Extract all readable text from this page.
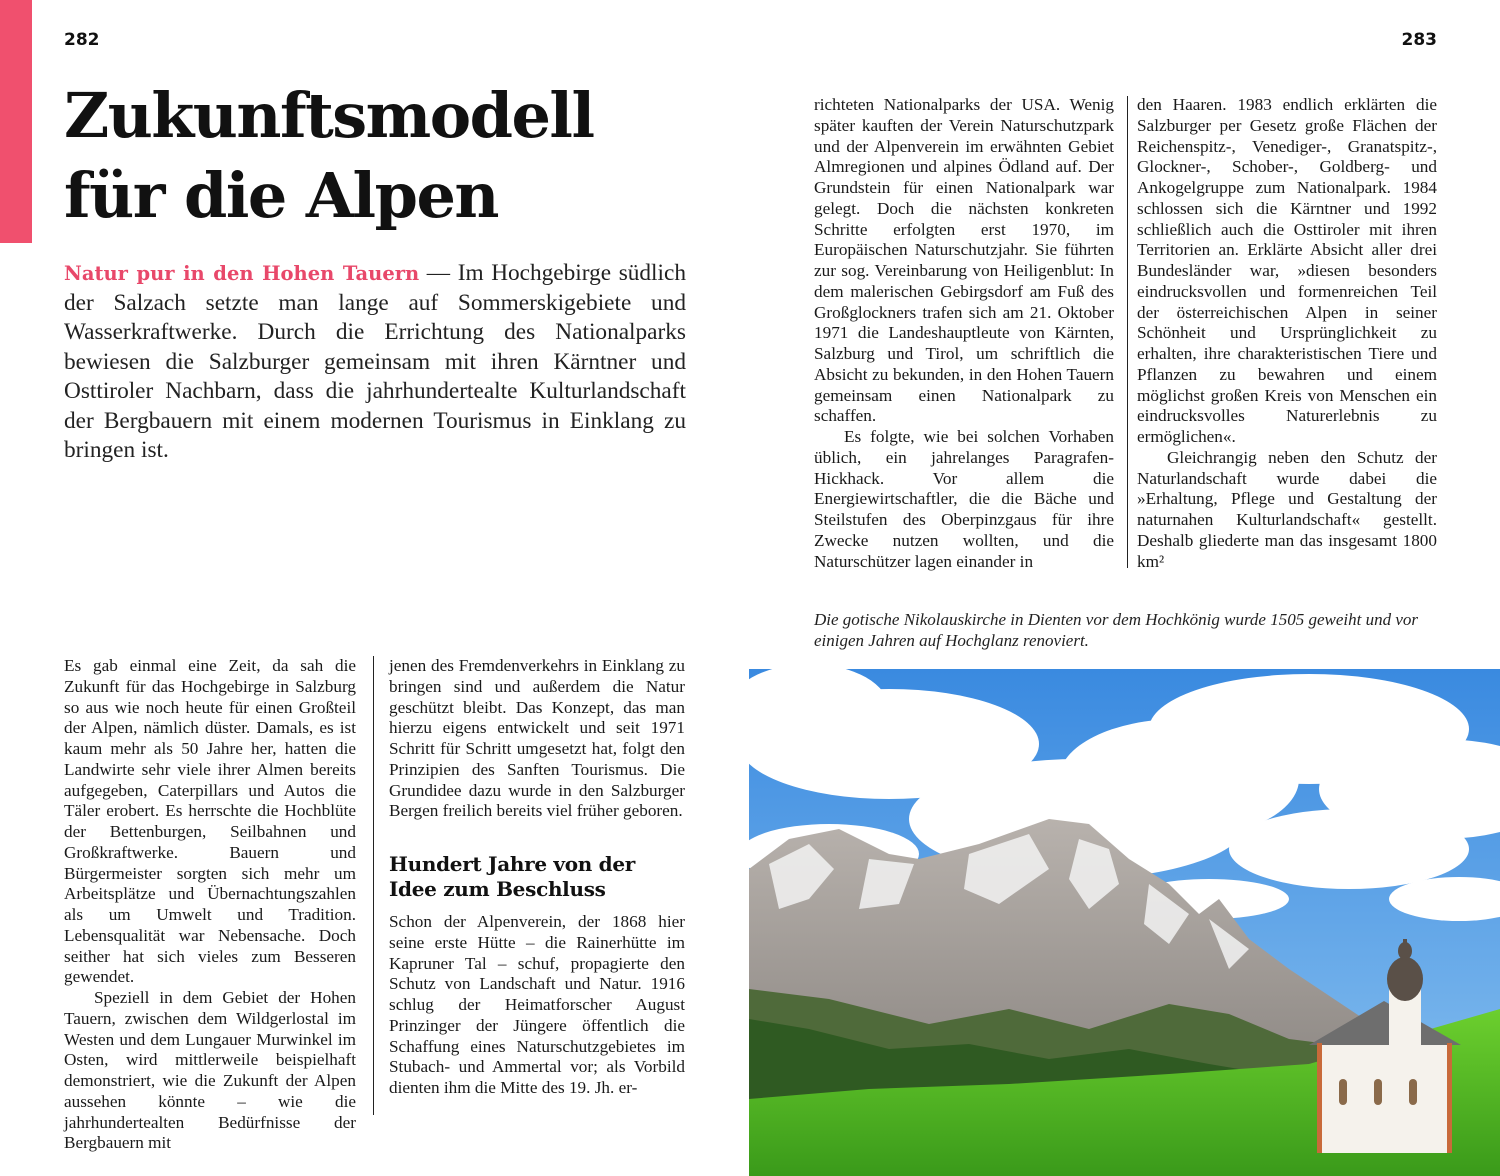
282	283
Zukunftsmodell
für die Alpen

Natur pur in den Hohen Tauern — Im Hochgebirge südlich der Salzach setzte man lange auf Sommerskigebiete und Wasserkraftwerke. Durch die Errichtung des Nationalparks bewiesen die Salzburger gemeinsam mit ihren Kärntner und Osttiroler Nachbarn, dass die jahrhundertealte Kulturlandschaft der Bergbauern mit einem modernen Tourismus in Einklang zu bringen ist.

richteten Nationalparks der USA. Wenig später kauften der Verein Naturschutzpark und der Alpenverein im erwähnten Gebiet Almregionen und alpines Ödland auf. Der Grundstein für einen Nationalpark war gelegt. Doch die nächsten konkreten Schritte erfolgten erst 1970, im Europäischen Naturschutzjahr. Sie führten zur sog. Vereinbarung von Heiligenblut: In dem malerischen Gebirgsdorf am Fuß des Großglockners trafen sich am 21. Oktober 1971 die Landeshauptleute von Kärnten, Salzburg und Tirol, um schriftlich die Absicht zu bekunden, in den Hohen Tauern gemeinsam einen Nationalpark zu schaffen.

Es folgte, wie bei solchen Vorhaben üblich, ein jahrelanges Paragrafen-Hickhack. Vor allem die Energiewirtschaftler, die die Bäche und Steilstufen des Oberpinzgaus für ihre Zwecke nutzen wollten, und die Naturschützer lagen einander in

den Haaren. 1983 endlich erklärten die Salzburger per Gesetz große Flächen der Reichenspitz-, Venediger-, Granatspitz-, Glockner-, Schober-, Goldberg- und Ankogelgruppe zum Nationalpark. 1984 schlossen sich die Kärntner und 1992 schließlich auch die Osttiroler mit ihren Territorien an. Erklärte Absicht aller drei Bundesländer war, »diesen besonders eindrucksvollen und formenreichen Teil der österreichischen Alpen in seiner Schönheit und Ursprünglichkeit zu erhalten, ihre charakteristischen Tiere und Pflanzen zu bewahren und einem möglichst großen Kreis von Menschen ein eindrucksvolles Naturerlebnis zu ermöglichen«.

Gleichrangig neben den Schutz der Naturlandschaft wurde dabei die »Erhaltung, Pflege und Gestaltung der naturnahen Kulturlandschaft« gestellt. Deshalb gliederte man das insgesamt 1800 km²

Die gotische Nikolauskirche in Dienten vor dem Hochkönig wurde 1505 geweiht und vor einigen Jahren auf Hochglanz renoviert.

Es gab einmal eine Zeit, da sah die Zukunft für das Hochgebirge in Salzburg so aus wie noch heute für einen Großteil der Alpen, nämlich düster. Damals, es ist kaum mehr als 50 Jahre her, hatten die Landwirte sehr viele ihrer Almen bereits aufgegeben, Caterpillars und Autos die Täler erobert. Es herrschte die Hochblüte der Bettenburgen, Seilbahnen und Großkraftwerke. Bauern und Bürgermeister sorgten sich mehr um Arbeitsplätze und Übernachtungszahlen als um Umwelt und Tradition. Lebensqualität war Nebensache. Doch seither hat sich vieles zum Besseren gewendet.

Speziell in dem Gebiet der Hohen Tauern, zwischen dem Wildgerlostal im Westen und dem Lungauer Murwinkel im Osten, wird mittlerweile beispielhaft demonstriert, wie die Zukunft der Alpen aussehen könnte – wie die jahrhundertealten Bedürfnisse der Bergbauern mit

jenen des Fremdenverkehrs in Einklang zu bringen sind und außerdem die Natur geschützt bleibt. Das Konzept, das man hierzu eigens entwickelt und seit 1971 Schritt für Schritt umgesetzt hat, folgt den Prinzipien des Sanften Tourismus. Die Grundidee dazu wurde in den Salzburger Bergen freilich bereits viel früher geboren.

Hundert Jahre von der Idee zum Beschluss

Schon der Alpenverein, der 1868 hier seine erste Hütte – die Rainerhütte im Kapruner Tal – schuf, propagierte den Schutz von Landschaft und Natur. 1916 schlug der Heimatforscher August Prinzinger der Jüngere öffentlich die Schaffung eines Naturschutzgebietes im Stubach- und Ammertal vor; als Vorbild dienten ihm die Mitte des 19. Jh. er-
